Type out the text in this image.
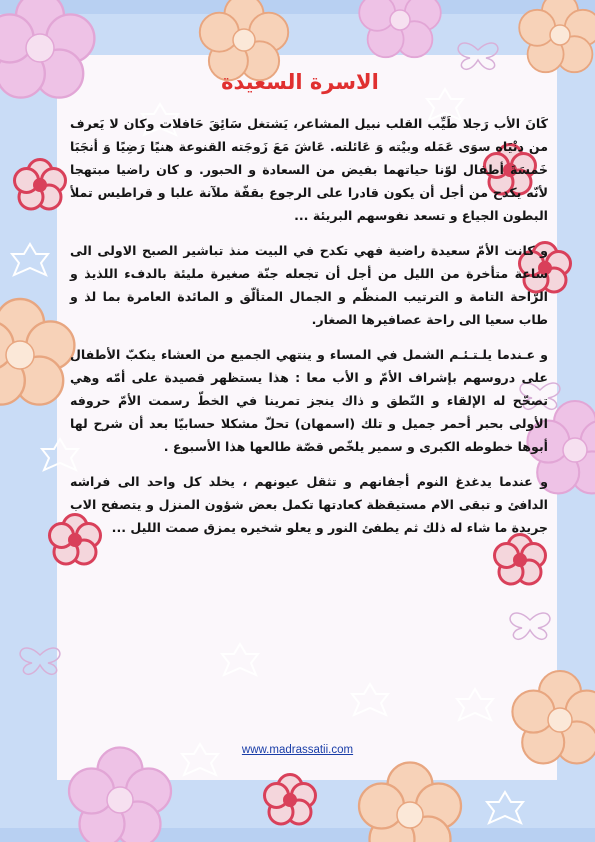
الاسرة السعيدة

كَانَ الأب رَجلا طَيِّب القلب نبيل المشاعر، يَشتغل سَائِقَ حَافلات وكان لا يَعرف من دنْيَاه سوَى عَمَله وبيْته وَ عَائلته. عَاشَ مَعَ زَوجَته القنوعة هنيًا رَضِيًا وَ أنجَبَا خَمسَةَ أطفال لوّنا حياتهما بفيض من السعادة و الحبور. و كان راضيا مبتهجا لأنّه يكدح من أجل أن يكون قادرا على الرجوع بقفّة ملآنة علبا و قراطيس تملأ البطون الجياع و تسعد نفوسهم البريئة ...

و كانت الأمّ سعيدة راضية فهي تكدح في البيت منذ تباشير الصبح الاولى الى ساعة متأخرة من الليل من أجل أن تجعله جنّة صغيرة مليئة بالدفء اللذيذ و الرّاحة التامة و الترتيب المنظّم و الجمال المتألّق و المائدة العامرة بما لذ و طاب سعيا الى راحة عصافيرها الصغار.

و عـندما يلـتـئـم الشمل في المساء و ينتهي الجميع من العشاء ينكبّ الأطفال على دروسهم بإشراف الأمّ و الأب معا : هذا يستظهر قصيدة على أمّه وهي تصحّح له الإلقاء و النّطق و ذاك ينجز تمرينا في الخطّ رسمت الأمّ حروفه الأولى بحبر أحمر جميل و تلك (اسمهان) تحلّ مشكلا حسابيّا بعد أن شرح لها أبوها خطوطه الكبرى و سمير يلخّص قصّة طالعها هذا الأسبوع .

و عندما يدغدغ النوم أجفانهم و تثقل عيونهم ، يخلد كل واحد الى فراشه الدافئ و تبقى الام مستيقظة كعادتها تكمل بعض شؤون المنزل و يتصفح الاب جريدة ما شاء له ذلك ثم يطفئ النور و يعلو شخيره يمزق صمت الليل ...

www.madrassatii.com
